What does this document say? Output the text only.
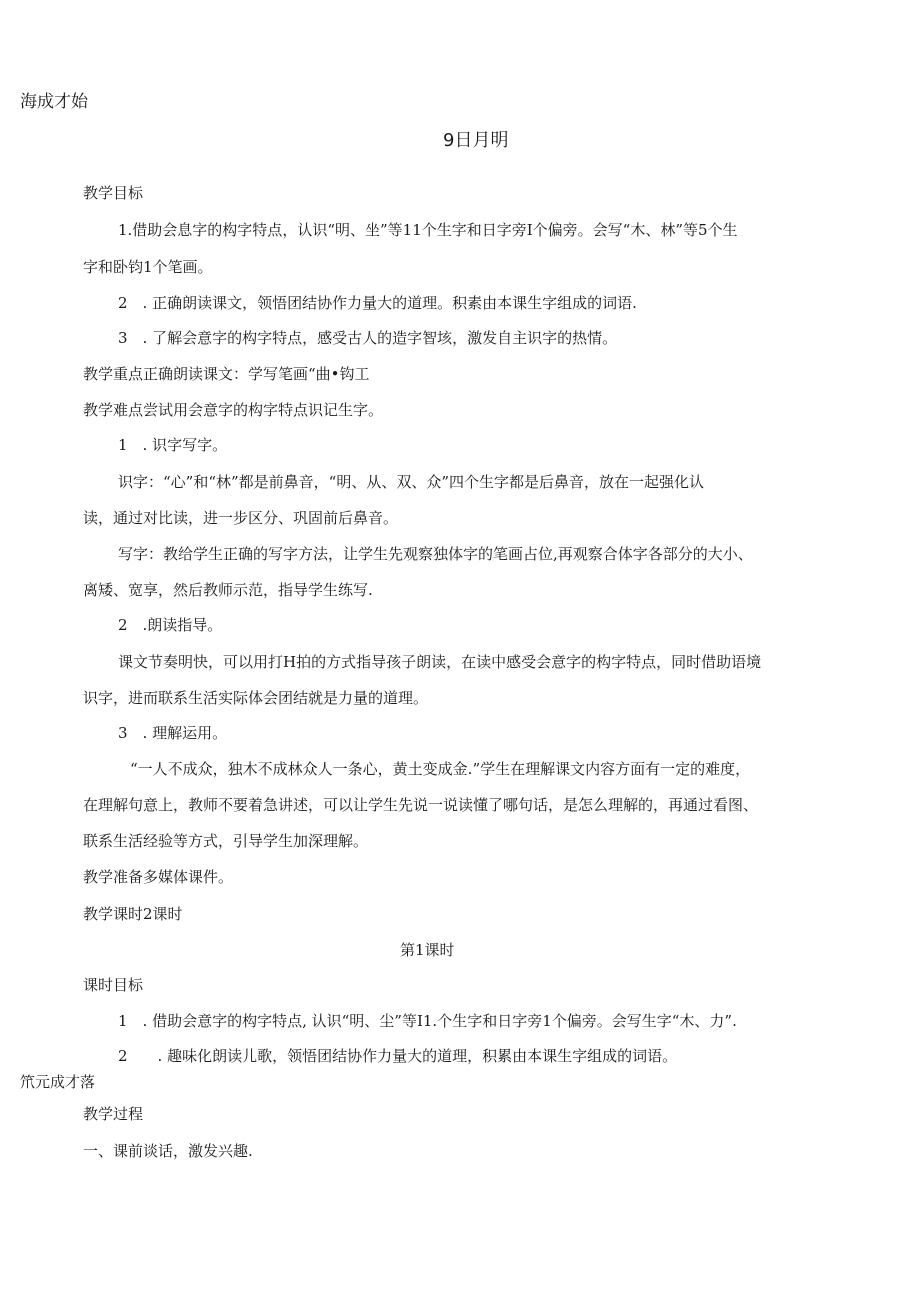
海成才始
9日月明
教学目标
1.借助会息字的构字特点，认识“明、坐”等11个生字和日字旁I个偏旁。会写“木、林”等5个生
字和卧钧1个笔画。
2　. 正确朗读课文，领悟团结协作力量大的道理。积素由本课生字组成的词语.
3　. 了解会意字的构字特点，感受古人的造字智垓，激发自主识字的热情。
教学重点正确朗读课文：学写笔画“曲•钩工
教学难点尝试用会意字的构字特点识记生字。
1　. 识字写字。
识字：“心”和“林”都是前鼻音，“明、从、双、众”四个生字都是后鼻音，放在一起强化认
读，通过对比读，进一步区分、巩固前后鼻音。
写字：教给学生正确的写字方法，让学生先观察独体字的笔画占位,再观察合体字各部分的大小、
离矮、宽享，然后教师示范，指导学生练写.
2　.朗读指导。
课文节奏明快，可以用打H拍的方式指导孩子朗读，在读中感受会意字的构字特点，同时借助语境
识字，进而联系生活实际体会团结就是力量的道理。
3　. 理解运用。
“一人不成众，独木不成林众人一条心，黄土变成金.”学生在理解课文内容方面有一定的难度，
在理解句意上，教师不要着急讲述，可以让学生先说一说读懂了哪句话，是怎么理解的，再通过看图、
联系生活经验等方式，引导学生加深理解。
教学准备多媒体课件。
教学课时2课时
第1课时
课时目标
1　. 借助会意字的构字特点, 认识“明、尘”等I1.个生字和日字旁1个偏旁。会写生字“木、力”.
2　　. 趣味化朗读儿歌，领悟团结协作力量大的道理，积累由本课生字组成的词语。
笊元成才落
教学过程
一、课前谈话，激发兴趣.
